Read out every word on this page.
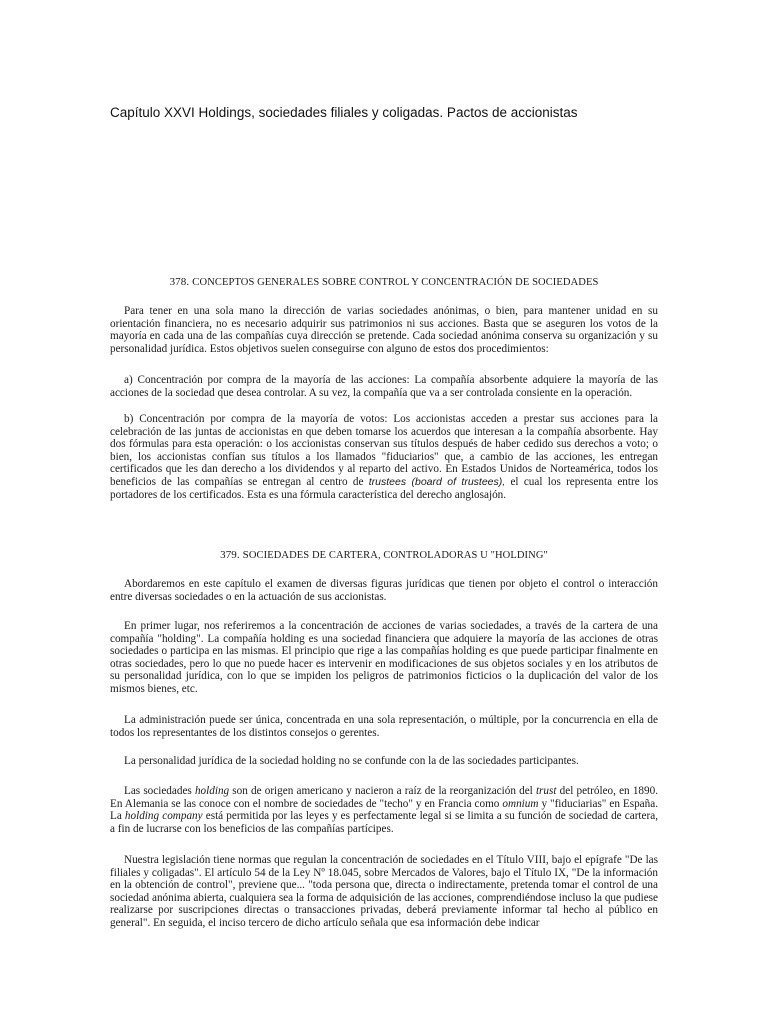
Capítulo XXVI Holdings, sociedades filiales y coligadas. Pactos de accionistas
378. CONCEPTOS GENERALES SOBRE CONTROL Y CONCENTRACIÓN DE SOCIEDADES

Para tener en una sola mano la dirección de varias sociedades anónimas, o bien, para mantener unidad en su orientación financiera, no es necesario adquirir sus patrimonios ni sus acciones. Basta que se aseguren los votos de la mayoría en cada una de las compañías cuya dirección se pretende. Cada sociedad anónima conserva su organización y su personalidad jurídica. Estos objetivos suelen conseguirse con alguno de estos dos procedimientos:

a) Concentración por compra de la mayoría de las acciones: La compañía absorbente adquiere la mayoría de las acciones de la sociedad que desea controlar. A su vez, la compañía que va a ser controlada consiente en la operación.

b) Concentración por compra de la mayoría de votos: Los accionistas acceden a prestar sus acciones para la celebración de las juntas de accionistas en que deben tomarse los acuerdos que interesan a la compañía absorbente. Hay dos fórmulas para esta operación: o los accionistas conservan sus títulos después de haber cedido sus derechos a voto; o bien, los accionistas confían sus títulos a los llamados "fiduciarios" que, a cambio de las acciones, les entregan certificados que les dan derecho a los dividendos y al reparto del activo. En Estados Unidos de Norteamérica, todos los beneficios de las compañías se entregan al centro de trustees (board of trustees), el cual los representa entre los portadores de los certificados. Esta es una fórmula característica del derecho anglosajón.

379. SOCIEDADES DE CARTERA, CONTROLADORAS U "HOLDING"

Abordaremos en este capítulo el examen de diversas figuras jurídicas que tienen por objeto el control o interacción entre diversas sociedades o en la actuación de sus accionistas.

En primer lugar, nos referiremos a la concentración de acciones de varias sociedades, a través de la cartera de una compañía "holding". La compañía holding es una sociedad financiera que adquiere la mayoría de las acciones de otras sociedades o participa en las mismas. El principio que rige a las compañías holding es que puede participar finalmente en otras sociedades, pero lo que no puede hacer es intervenir en modificaciones de sus objetos sociales y en los atributos de su personalidad jurídica, con lo que se impiden los peligros de patrimonios ficticios o la duplicación del valor de los mismos bienes, etc.

La administración puede ser única, concentrada en una sola representación, o múltiple, por la concurrencia en ella de todos los representantes de los distintos consejos o gerentes.

La personalidad jurídica de la sociedad holding no se confunde con la de las sociedades participantes.

Las sociedades holding son de origen americano y nacieron a raíz de la reorganización del trust del petróleo, en 1890. En Alemania se las conoce con el nombre de sociedades de "techo" y en Francia como omnium y "fiduciarias" en España. La holding company está permitida por las leyes y es perfectamente legal si se limita a su función de sociedad de cartera, a fin de lucrarse con los beneficios de las compañías partícipes.

Nuestra legislación tiene normas que regulan la concentración de sociedades en el Título VIII, bajo el epígrafe "De las filiales y coligadas". El artículo 54 de la Ley Nº 18.045, sobre Mercados de Valores, bajo el Título IX, "De la información en la obtención de control", previene que... "toda persona que, directa o indirectamente, pretenda tomar el control de una sociedad anónima abierta, cualquiera sea la forma de adquisición de las acciones, comprendiéndose incluso la que pudiese realizarse por suscripciones directas o transacciones privadas, deberá previamente informar tal hecho al público en general". En seguida, el inciso tercero de dicho artículo señala que esa información debe indicar
